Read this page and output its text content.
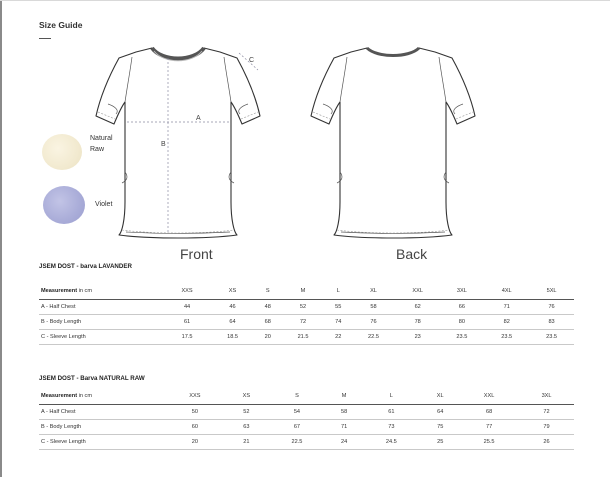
Size Guide
Natural
Raw
Violet
A
B
C
Front	Back
JSEM DOST - barva LAVANDER
Measurement in cm	XXS	XS	S	M	L	XL	XXL	3XL	4XL	5XL
A - Half Chest	44	46	48	52	55	58	62	66	71	76
B - Body Length	61	64	68	72	74	76	78	80	82	83
C - Sleeve Length	17.5	18.5	20	21.5	22	22.5	23	23.5	23.5	23.5
JSEM DOST - Barva NATURAL RAW
Measurement in cm	XXS	XS	S	M	L	XL	XXL	3XL
A - Half Chest	50	52	54	58	61	64	68	72
B - Body Length	60	63	67	71	73	75	77	79
C - Sleeve Length	20	21	22.5	24	24.5	25	25.5	26
